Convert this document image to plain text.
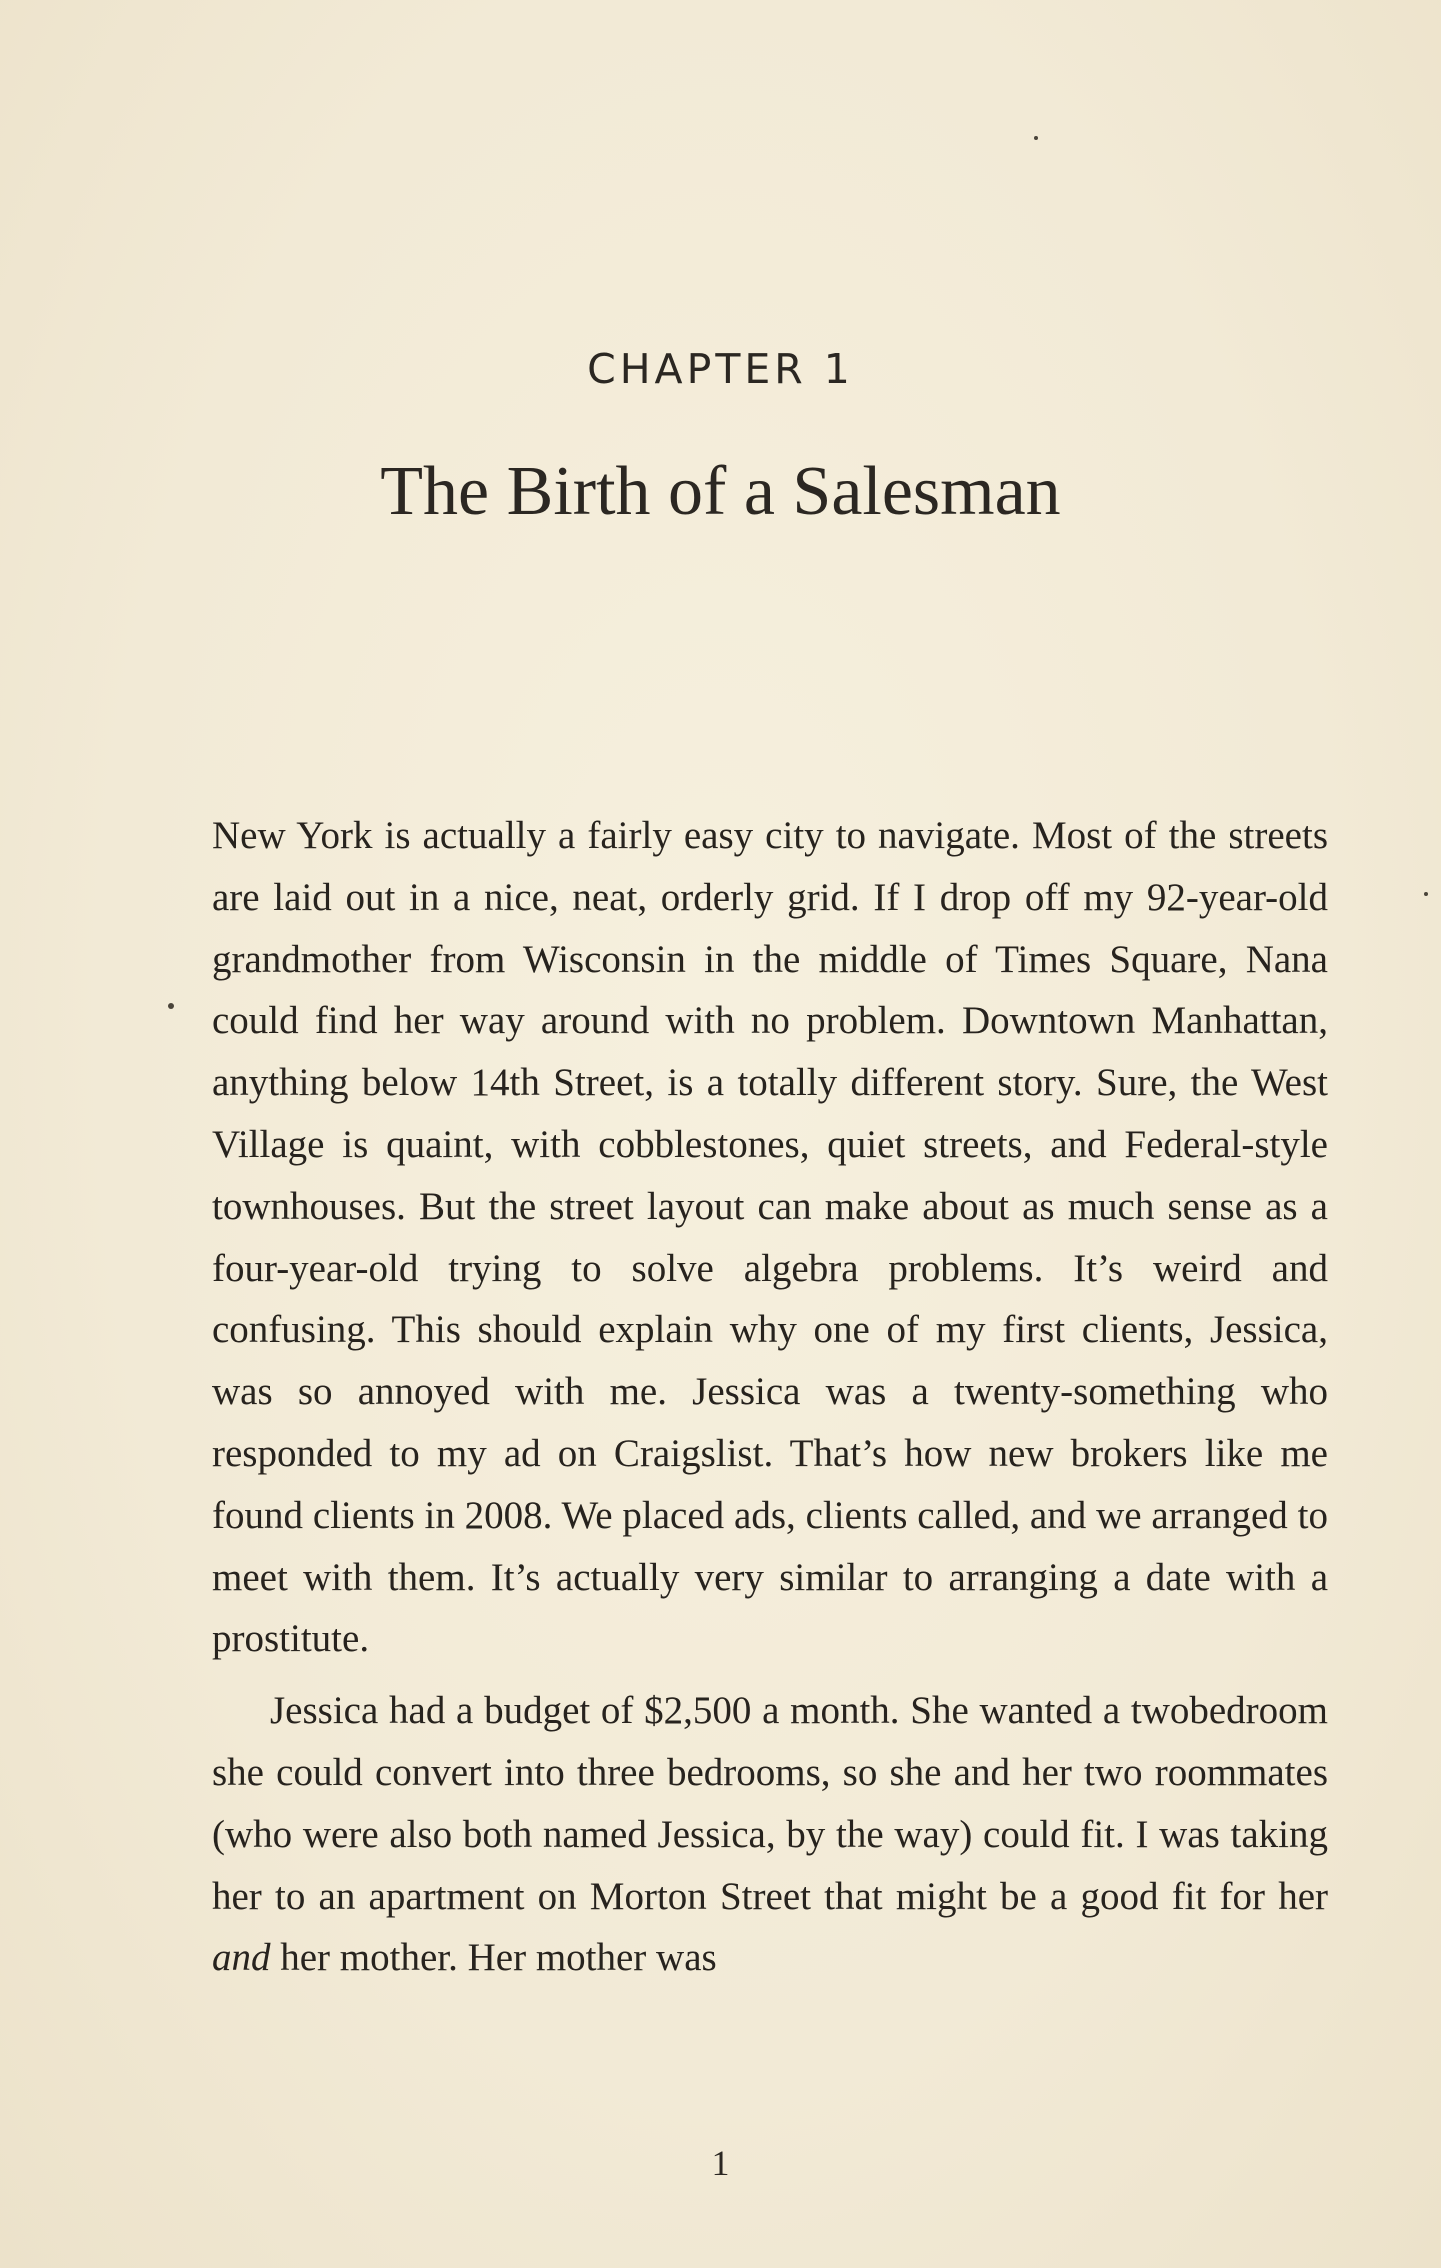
CHAPTER 1
The Birth of a Salesman

New York is actually a fairly easy city to navigate. Most of the streets are laid out in a nice, neat, orderly grid. If I drop off my 92-year-old grandmother from Wisconsin in the middle of Times Square, Nana could find her way around with no problem. Downtown Manhattan, anything below 14th Street, is a totally different story. Sure, the West Village is quaint, with cobblestones, quiet streets, and Federal-style townhouses. But the street layout can make about as much sense as a four-year-old trying to solve algebra problems. It’s weird and confusing. This should explain why one of my first clients, Jessica, was so annoyed with me. Jessica was a twenty-something who responded to my ad on Craigslist. That’s how new brokers like me found clients in 2008. We placed ads, clients called, and we arranged to meet with them. It’s actually very similar to arranging a date with a prostitute.

Jessica had a budget of $2,500 a month. She wanted a twobedroom she could convert into three bedrooms, so she and her two roommates (who were also both named Jessica, by the way) could fit. I was taking her to an apartment on Morton Street that might be a good fit for her and her mother. Her mother was

1
